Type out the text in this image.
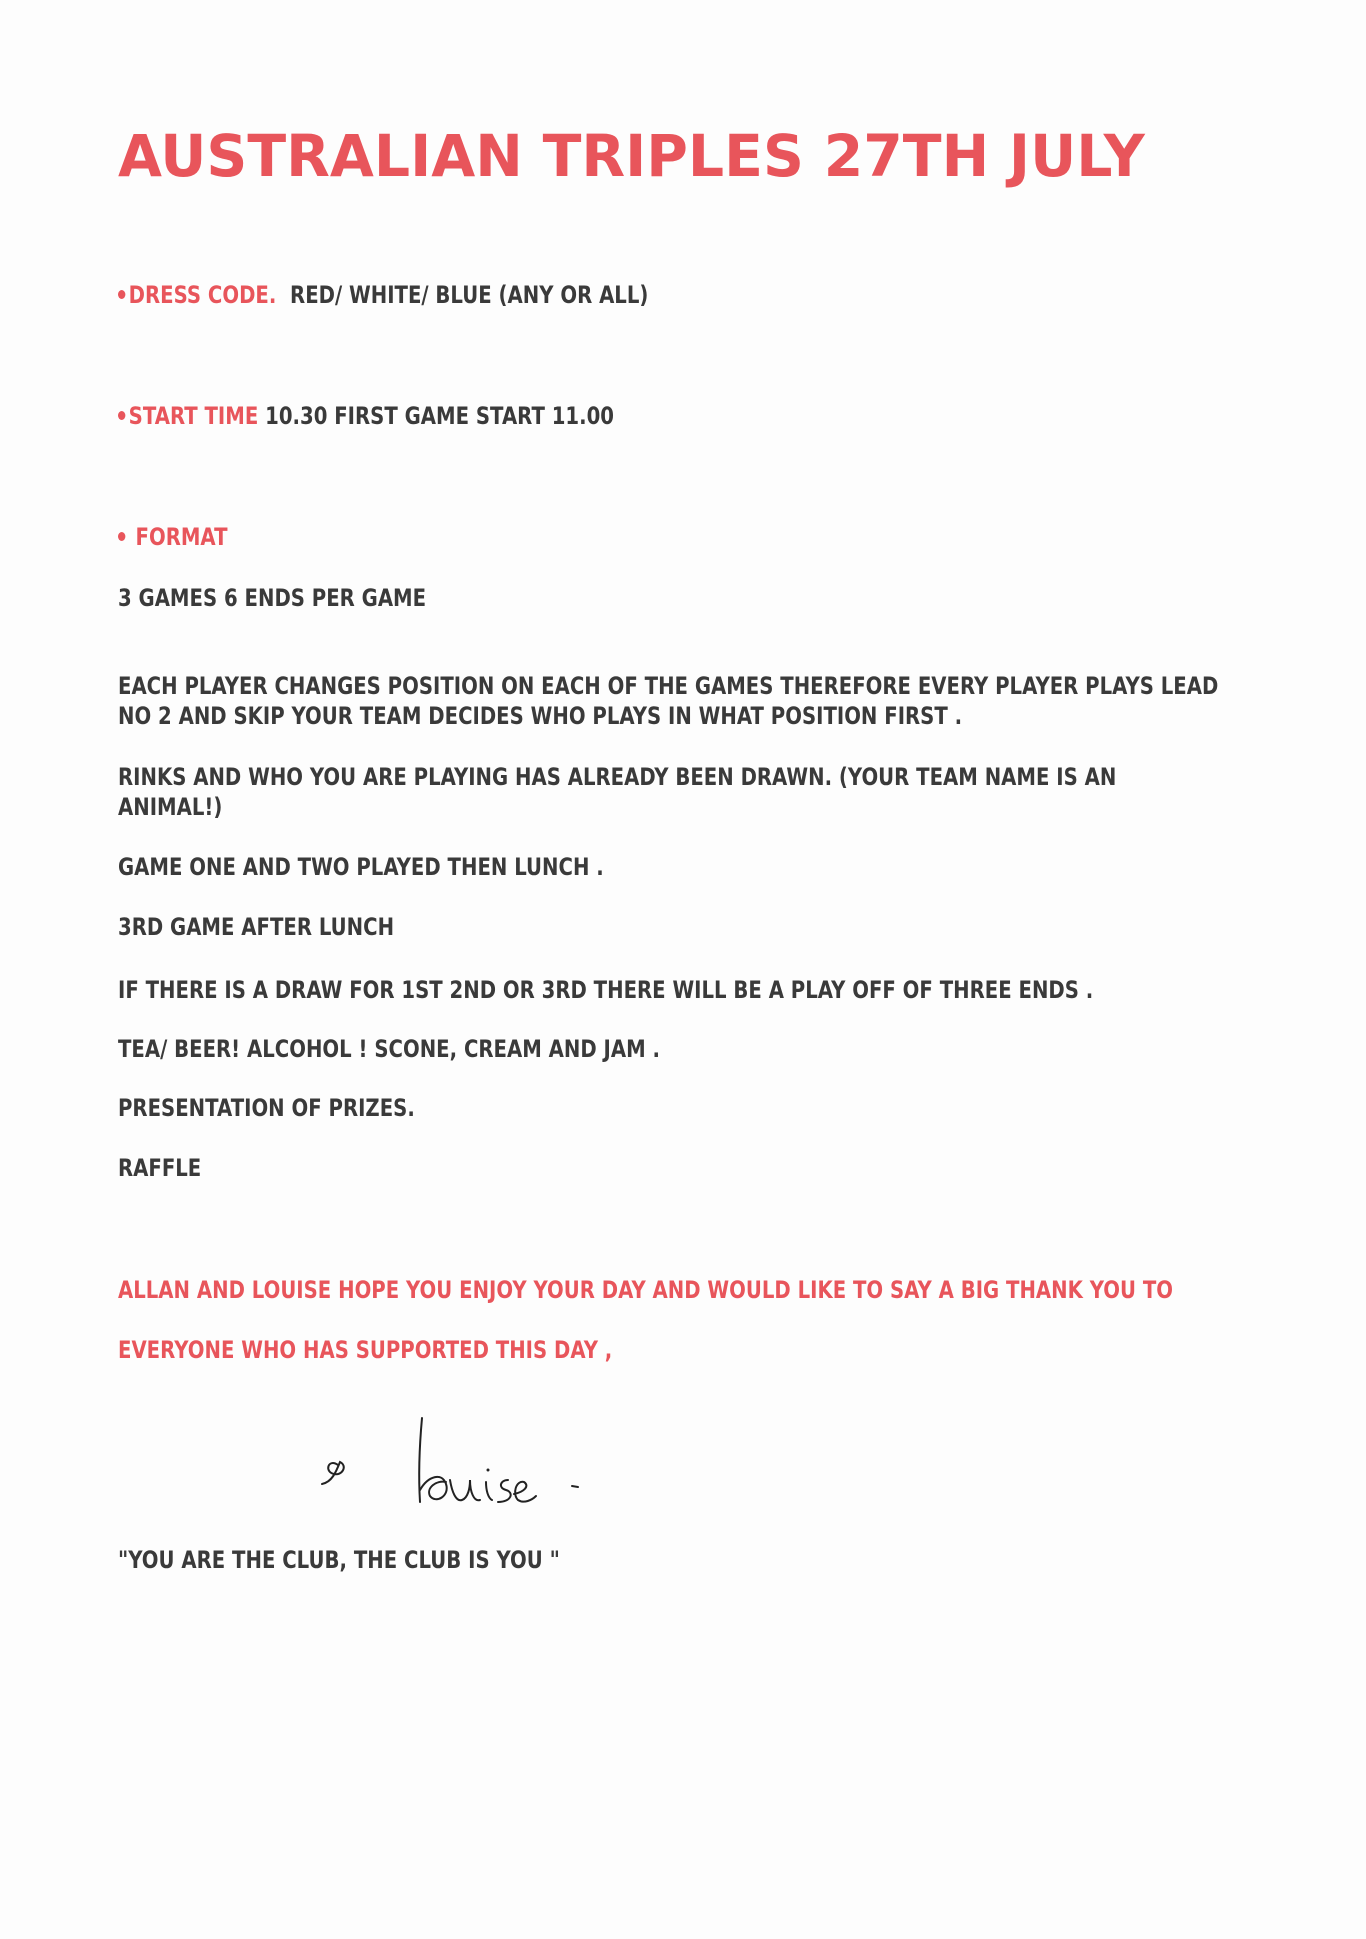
AUSTRALIAN TRIPLES 27TH JULY
DRESS CODE. RED/ WHITE/ BLUE (ANY OR ALL)
START TIME 10.30 FIRST GAME START 11.00
FORMAT
3 GAMES 6 ENDS PER GAME
EACH PLAYER CHANGES POSITION ON EACH OF THE GAMES THEREFORE EVERY PLAYER PLAYS LEAD
NO 2 AND SKIP YOUR TEAM DECIDES WHO PLAYS IN WHAT POSITION FIRST .
RINKS AND WHO YOU ARE PLAYING HAS ALREADY BEEN DRAWN. (YOUR TEAM NAME IS AN
ANIMAL!)
GAME ONE AND TWO PLAYED THEN LUNCH .
3RD GAME AFTER LUNCH
IF THERE IS A DRAW FOR 1ST 2ND OR 3RD THERE WILL BE A PLAY OFF OF THREE ENDS .
TEA/ BEER! ALCOHOL ! SCONE, CREAM AND JAM .
PRESENTATION OF PRIZES.
RAFFLE
ALLAN AND LOUISE HOPE YOU ENJOY YOUR DAY AND WOULD LIKE TO SAY A BIG THANK YOU TO
EVERYONE WHO HAS SUPPORTED THIS DAY ,
"YOU ARE THE CLUB, THE CLUB IS YOU "
